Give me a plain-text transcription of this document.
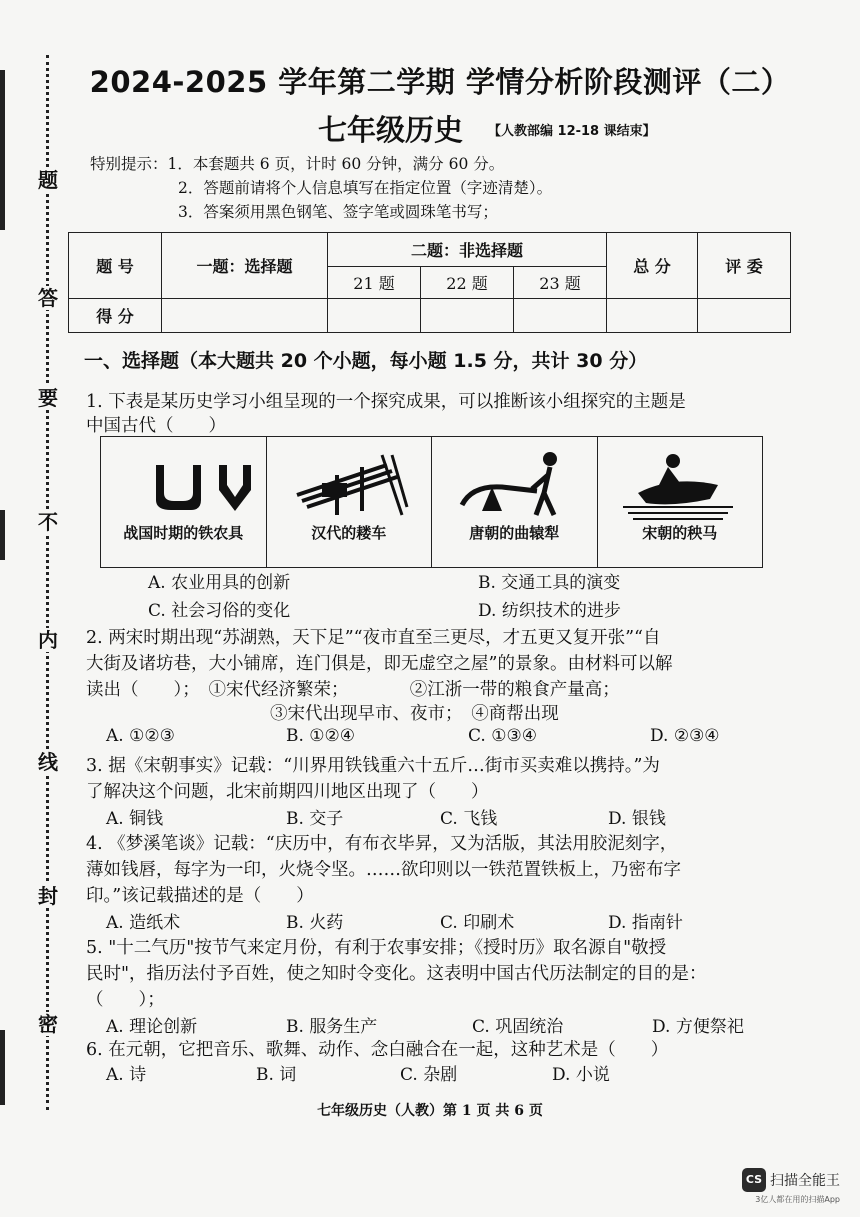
题
答
要
不
内
线
封
密
2024-2025 学年第二学期 学情分析阶段测评（二）
七年级历史 【人教部编 12-18 课结束】
特别提示：1．本套题共 6 页，计时 60 分钟，满分 60 分。
2．答题前请将个人信息填写在指定位置（字迹清楚）。
3．答案须用黑色钢笔、签字笔或圆珠笔书写；
题 号	一题：选择题	二题：非选择题			总 分	评 委
		21 题	22 题	23 题		
得 分						
一、选择题（本大题共 20 个小题，每小题 1.5 分，共计 30 分）
1. 下表是某历史学习小组呈现的一个探究成果，可以推断该小组探究的主题是
中国古代（　　）
战国时期的铁农具	汉代的耧车	唐朝的曲辕犁	宋朝的秧马
A. 农业用具的创新	B. 交通工具的演变
C. 社会习俗的变化	D. 纺织技术的进步
2. 两宋时期出现“苏湖熟，天下足”“夜市直至三更尽，才五更又复开张”“自
大街及诸坊巷，大小铺席，连门俱是，即无虚空之屋”的景象。由材料可以解
读出（　　）；　①宋代经济繁荣；　　　　②江浙一带的粮食产量高；
③宋代出现早市、夜市；　④商帮出现
A. ①②③	B. ①②④	C. ①③④	D. ②③④
3. 据《宋朝事实》记载：“川界用铁钱重六十五斤…街市买卖难以携持。”为
了解决这个问题，北宋前期四川地区出现了（　　）
A. 铜钱	B. 交子	C. 飞钱	D. 银钱
4. 《梦溪笔谈》记载：“庆历中，有布衣毕昇，又为活版，其法用胶泥刻字，
薄如钱唇，每字为一印，火烧令坚。……欲印则以一铁范置铁板上，乃密布字
印。”该记载描述的是（　　）
A. 造纸术	B. 火药	C. 印刷术	D. 指南针
5. "十二气历"按节气来定月份，有利于农事安排；《授时历》取名源自"敬授
民时"，指历法付予百姓，使之知时令变化。这表明中国古代历法制定的目的是：
（　　）；
A. 理论创新	B. 服务生产	C. 巩固统治	D. 方便祭祀
6. 在元朝，它把音乐、歌舞、动作、念白融合在一起，这种艺术是（　　）
A. 诗	B. 词	C. 杂剧	D. 小说
七年级历史（人教）第 1 页 共 6 页
CS 扫描全能王
3亿人都在用的扫描App
